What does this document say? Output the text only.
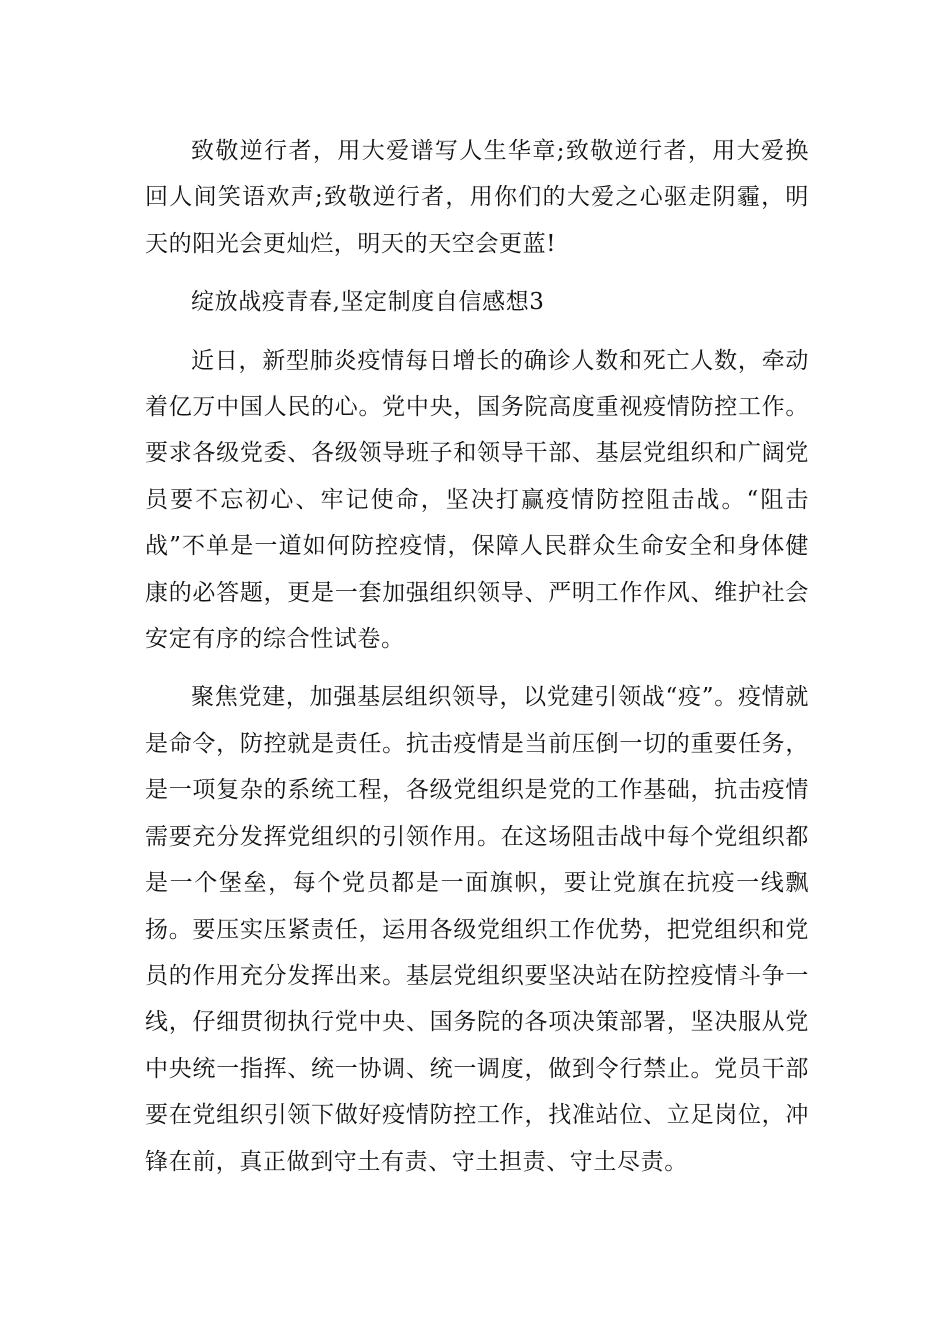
致敬逆行者，用大爱谱写人生华章;致敬逆行者，用大爱换回人间笑语欢声;致敬逆行者，用你们的大爱之心驱走阴霾，明天的阳光会更灿烂，明天的天空会更蓝!

绽放战疫青春,坚定制度自信感想3

近日，新型肺炎疫情每日增长的确诊人数和死亡人数，牵动着亿万中国人民的心。党中央，国务院高度重视疫情防控工作。要求各级党委、各级领导班子和领导干部、基层党组织和广阔党员要不忘初心、牢记使命，坚决打赢疫情防控阻击战。“阻击战”不单是一道如何防控疫情，保障人民群众生命安全和身体健康的必答题，更是一套加强组织领导、严明工作作风、维护社会安定有序的综合性试卷。

聚焦党建，加强基层组织领导，以党建引领战“疫”。疫情就是命令，防控就是责任。抗击疫情是当前压倒一切的重要任务，是一项复杂的系统工程，各级党组织是党的工作基础，抗击疫情需要充分发挥党组织的引领作用。在这场阻击战中每个党组织都是一个堡垒，每个党员都是一面旗帜，要让党旗在抗疫一线飘扬。要压实压紧责任，运用各级党组织工作优势，把党组织和党员的作用充分发挥出来。基层党组织要坚决站在防控疫情斗争一线，仔细贯彻执行党中央、国务院的各项决策部署，坚决服从党中央统一指挥、统一协调、统一调度，做到令行禁止。党员干部要在党组织引领下做好疫情防控工作，找准站位、立足岗位，冲锋在前，真正做到守土有责、守土担责、守土尽责。
